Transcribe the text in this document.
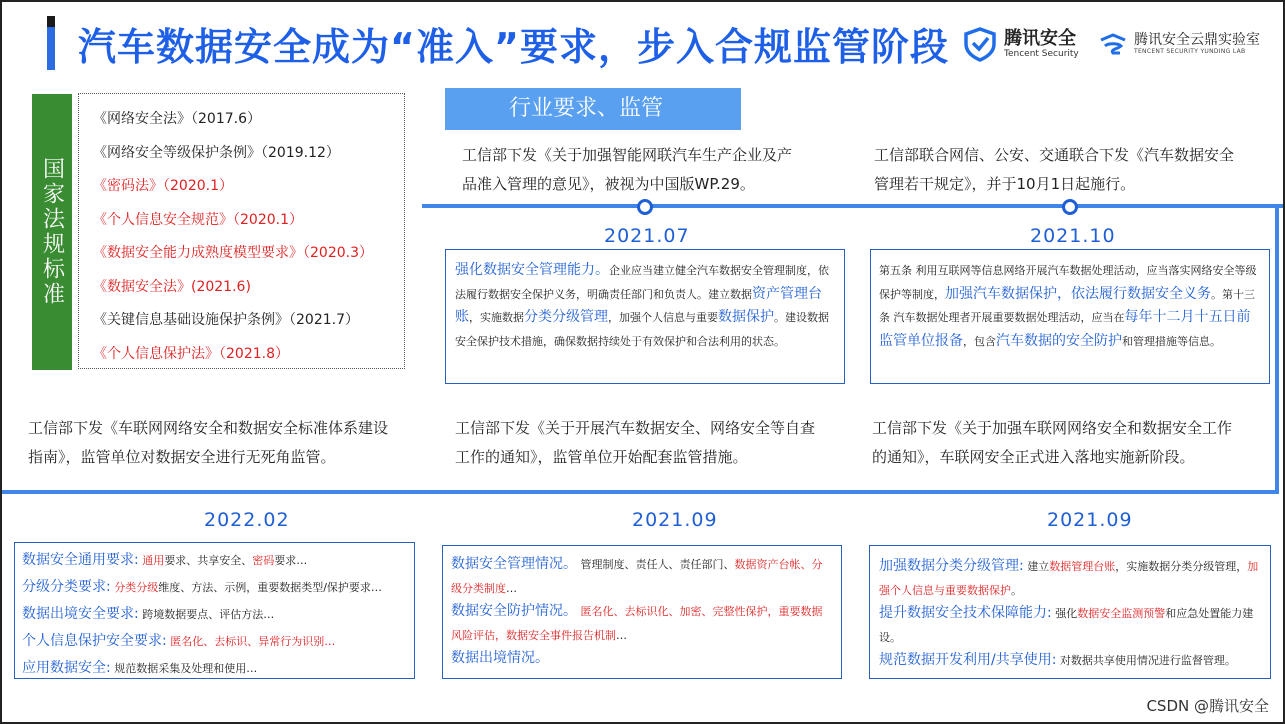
汽车数据安全成为“准入”要求，步入合规监管阶段	腾讯安全
Tencent Security
腾讯安全云鼎实验室
TENCENT SECURITY YUNDING LAB
国家法规标准
《网络安全法》（2017.6）
《网络安全等级保护条例》（2019.12）
《密码法》（2020.1）
《个人信息安全规范》（2020.1）
《数据安全能力成熟度模型要求》（2020.3）
《数据安全法》(2021.6)
《关键信息基础设施保护条例》（2021.7）
《个人信息保护法》（2021.8）
行业要求、监管
工信部下发《关于加强智能网联汽车生产企业及产
品准入管理的意见》，被视为中国版WP.29。
工信部联合网信、公安、交通联合下发《汽车数据安全
管理若干规定》，并于10月1日起施行。
2021.07	2021.10
强化数据安全管理能力。企业应当建立健全汽车数据安全管理制度，依法履行数据安全保护义务，明确责任部门和负责人。建立数据资产管理台账，实施数据分类分级管理，加强个人信息与重要数据保护。建设数据安全保护技术措施，确保数据持续处于有效保护和合法利用的状态。
第五条 利用互联网等信息网络开展汽车数据处理活动，应当落实网络安全等级保护等制度，加强汽车数据保护，依法履行数据安全义务。第十三条 汽车数据处理者开展重要数据处理活动，应当在每年十二月十五日前监管单位报备，包含汽车数据的安全防护和管理措施等信息。
工信部下发《车联网网络安全和数据安全标准体系建设
指南》，监管单位对数据安全进行无死角监管。
工信部下发《关于开展汽车数据安全、网络安全等自查
工作的通知》，监管单位开始配套监管措施。
工信部下发《关于加强车联网网络安全和数据安全工作
的通知》，车联网安全正式进入落地实施新阶段。
2022.02	2021.09	2021.09
数据安全通用要求: 通用要求、共享安全、密码要求…
分级分类要求: 分类分级维度、方法、示例，重要数据类型/保护要求…
数据出境安全要求: 跨境数据要点、评估方法…
个人信息保护安全要求: 匿名化、去标识、异常行为识别…
应用数据安全: 规范数据采集及处理和使用…
数据安全管理情况。 管理制度、责任人、责任部门、数据资产台帐、分级分类制度…
数据安全防护情况。 匿名化、去标识化、加密、完整性保护，重要数据风险评估，数据安全事件报告机制…
数据出境情况。
加强数据分类分级管理: 建立数据管理台账，实施数据分类分级管理，加强个人信息与重要数据保护。
提升数据安全技术保障能力: 强化数据安全监测预警和应急处置能力建设。
规范数据开发利用/共享使用: 对数据共享使用情况进行监督管理。
CSDN @腾讯安全
